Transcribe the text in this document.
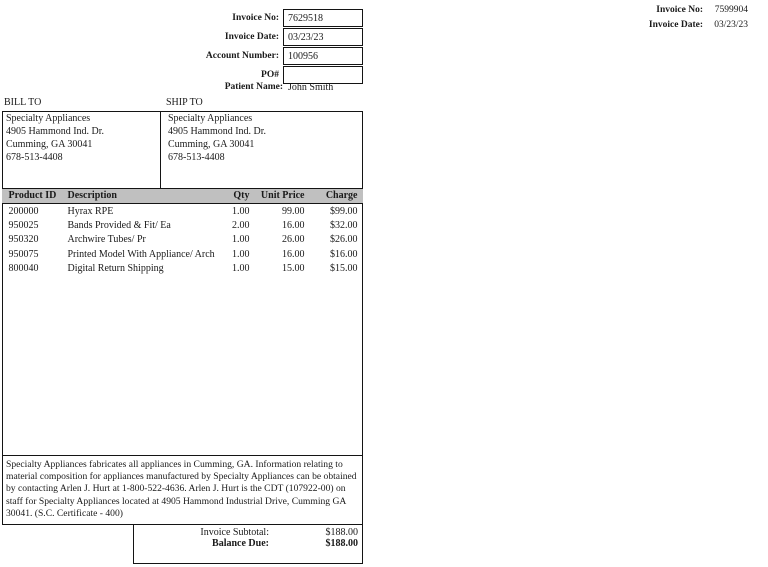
Invoice No: 7629518
Invoice Date: 03/23/23
Account Number: 100956
PO#
Patient Name: John Smith
Invoice No:	7599904
Invoice Date:	03/23/23
BILL TO	SHIP TO
Specialty Appliances
4905 Hammond Ind. Dr.
Cumming, GA 30041
678-513-4408
Specialty Appliances
4905 Hammond Ind. Dr.
Cumming, GA 30041
678-513-4408
Product ID	Description	Qty	Unit Price	Charge
200000	Hyrax RPE	1.00	99.00	$99.00
950025	Bands Provided & Fit/ Ea	2.00	16.00	$32.00
950320	Archwire Tubes/ Pr	1.00	26.00	$26.00
950075	Printed Model With Appliance/ Arch	1.00	16.00	$16.00
800040	Digital Return Shipping	1.00	15.00	$15.00
Specialty Appliances fabricates all appliances in Cumming, GA. Information relating to material composition for appliances manufactured by Specialty Appliances can be obtained by contacting Arlen J. Hurt at 1-800-522-4636. Arlen J. Hurt is the CDT (107922-00) on staff for Specialty Appliances located at 4905 Hammond Industrial Drive, Cumming GA 30041. (S.C. Certificate - 400)
Invoice Subtotal:	$188.00
Balance Due:	$188.00
